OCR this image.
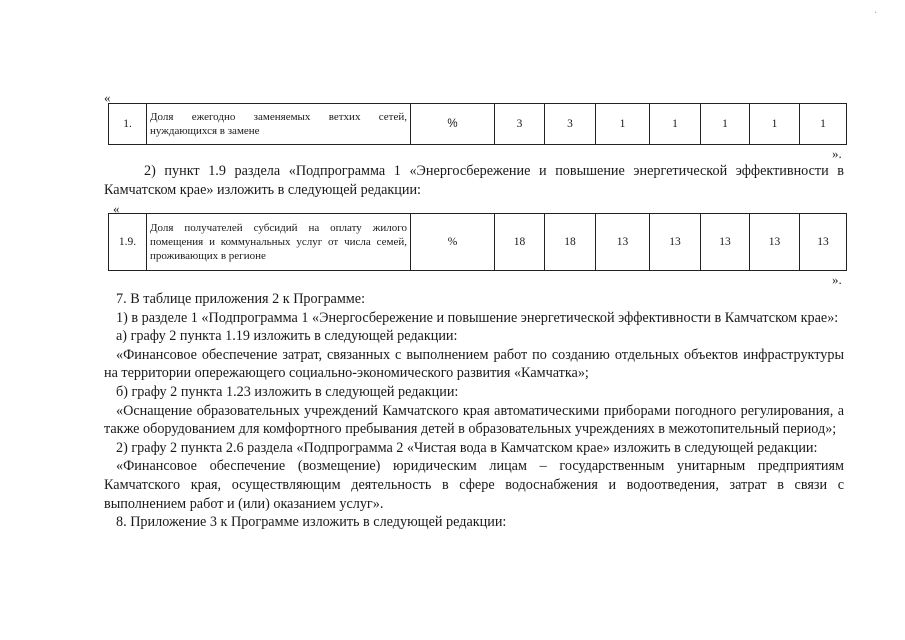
·
«
1.	Доля ежегодно заменяемых ветхих сетей, нуждающихся в замене	%	3	3	1	1	1	1	1
».

2) пункт 1.9 раздела «Подпрограмма 1 «Энергосбережение и повышение энергетической эффективности в Камчатском крае» изложить в следующей редакции:

«
1.9.	Доля получателей субсидий на оплату жилого помещения и коммунальных услуг от числа семей, проживающих в регионе	%	18	18	13	13	13	13	13
».

7. В таблице приложения 2 к Программе:

1) в разделе 1 «Подпрограмма 1 «Энергосбережение и повышение энергетической эффективности в Камчатском крае»:

а) графу 2 пункта 1.19 изложить в следующей редакции:

«Финансовое обеспечение затрат, связанных с выполнением работ по созданию отдельных объектов инфраструктуры на территории опережающего социально-экономического развития «Камчатка»;

б) графу 2 пункта 1.23 изложить в следующей редакции:

«Оснащение образовательных учреждений Камчатского края автоматическими приборами погодного регулирования, а также оборудованием для комфортного пребывания детей в образовательных учреждениях в межотопительный период»;

2) графу 2 пункта 2.6 раздела «Подпрограмма 2 «Чистая вода в Камчатском крае» изложить в следующей редакции:

«Финансовое обеспечение (возмещение) юридическим лицам – государственным унитарным предприятиям Камчатского края, осуществляющим деятельность в сфере водоснабжения и водоотведения, затрат в связи с выполнением работ и (или) оказанием услуг».

8. Приложение 3 к Программе изложить в следующей редакции:
